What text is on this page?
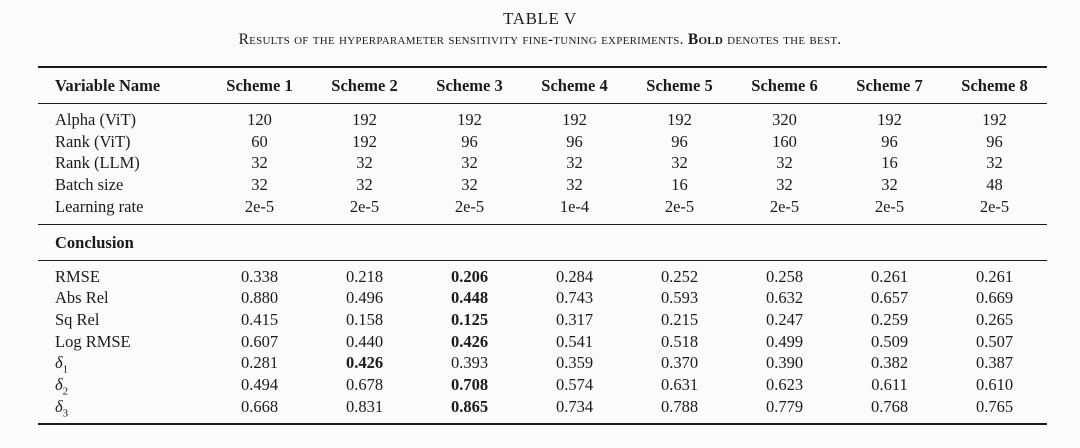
TABLE V
Results of the hyperparameter sensitivity fine-tuning experiments. Bold denotes the best.
Variable Name	Scheme 1	Scheme 2	Scheme 3	Scheme 4	Scheme 5	Scheme 6	Scheme 7	Scheme 8
Alpha (ViT)	120	192	192	192	192	320	192	192
Rank (ViT)	60	192	96	96	96	160	96	96
Rank (LLM)	32	32	32	32	32	32	16	32
Batch size	32	32	32	32	16	32	32	48
Learning rate	2e-5	2e-5	2e-5	1e-4	2e-5	2e-5	2e-5	2e-5
Conclusion								
RMSE	0.338	0.218	0.206	0.284	0.252	0.258	0.261	0.261
Abs Rel	0.880	0.496	0.448	0.743	0.593	0.632	0.657	0.669
Sq Rel	0.415	0.158	0.125	0.317	0.215	0.247	0.259	0.265
Log RMSE	0.607	0.440	0.426	0.541	0.518	0.499	0.509	0.507
$\delta_1$	0.281	0.426	0.393	0.359	0.370	0.390	0.382	0.387
$\delta_2$	0.494	0.678	0.708	0.574	0.631	0.623	0.611	0.610
$\delta_3$	0.668	0.831	0.865	0.734	0.788	0.779	0.768	0.765
